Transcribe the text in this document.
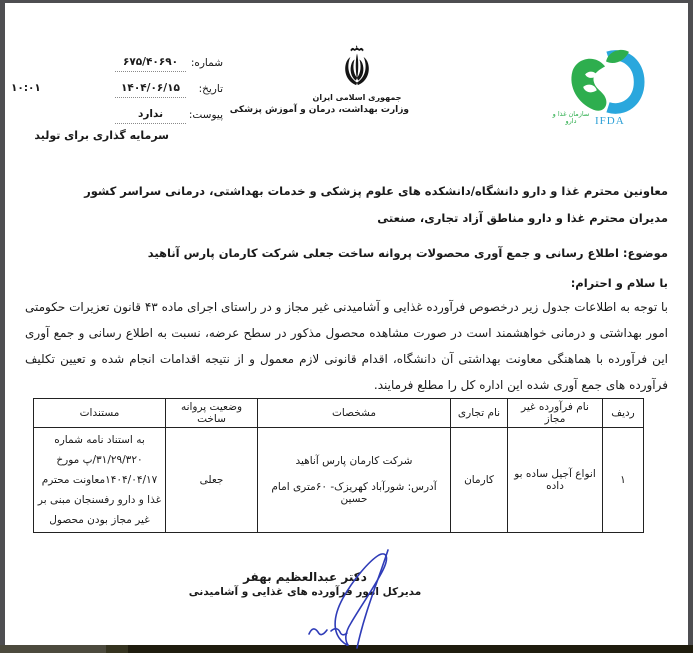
شماره:
۶۷۵/۴۰۶۹۰
تاریخ:
۱۴۰۴/۰۶/۱۵
۱۰:۰۱
پیوست:
ندارد
سرمایه گذاری برای تولید
جمهوری اسلامی ایران
وزارت بهداشت، درمان و آموزش پزشکی
IFDA
سازمان غذا و دارو
معاونین محترم غذا و دارو دانشگاه/دانشکده های علوم پزشکی و خدمات بهداشتی، درمانی سراسر کشور
مدیران محترم غذا و دارو مناطق آزاد تجاری، صنعتی
موضوع: اطلاع رسانی و جمع آوری محصولات پروانه ساخت جعلی شرکت کارمان پارس آناهید
با سلام و احترام:
با توجه به اطلاعات جدول زیر درخصوص فرآورده غذایی و آشامیدنی غیر مجاز و در راستای اجرای ماده ۴۳ قانون تعزیرات حکومتی امور بهداشتی و درمانی خواهشمند است در صورت مشاهده محصول مذکور در سطح عرضه، نسبت به اطلاع رسانی و جمع آوری این فرآورده با هماهنگی معاونت بهداشتی آن دانشگاه، اقدام قانونی لازم معمول و از نتیجه اقدامات انجام شده و تعیین تکلیف فرآورده های جمع آوری شده این اداره کل را مطلع فرمایند.
ردیف	نام فرآورده غیر مجاز	نام تجاری	مشخصات	وضعیت پروانه ساخت	مستندات
۱	انواع آجیل ساده بو داده	کارمان	شرکت کارمان پارس آناهید
آدرس: شورآباد کهریزک- ۶۰متری امام حسین	جعلی	به استناد نامه شماره ۳۱/۲۹/۳۲۰/پ مورخ ۱۴۰۴/۰۴/۱۷معاونت محترم غذا و دارو رفسنجان مبنی بر غیر مجاز بودن محصول
دکتر عبدالعظیم بهفر
مدیرکل امور فرآورده های غذایی و آشامیدنی
